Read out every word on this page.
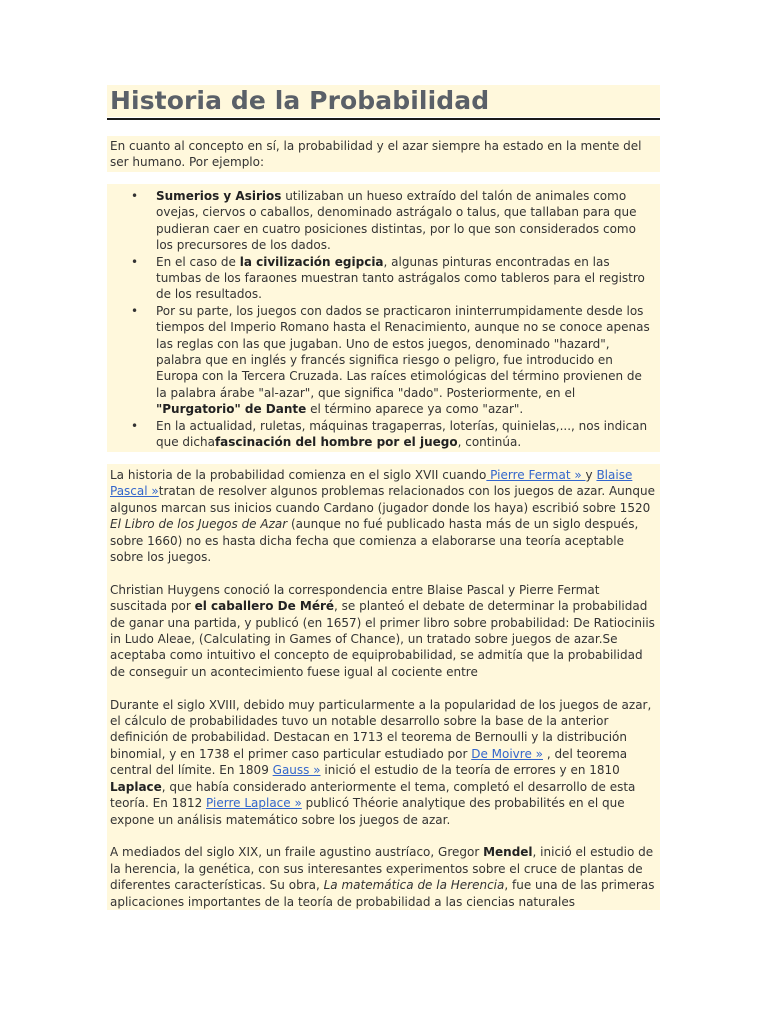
Historia de la Probabilidad
En cuanto al concepto en sí, la probabilidad y el azar siempre ha estado en la mente del ser humano. Por ejemplo:
• Sumerios y Asirios utilizaban un hueso extraído del talón de animales como ovejas, ciervos o caballos, denominado astrágalo o talus, que tallaban para que pudieran caer en cuatro posiciones distintas, por lo que son considerados como los precursores de los dados.
• En el caso de la civilización egipcia, algunas pinturas encontradas en las tumbas de los faraones muestran tanto astrágalos como tableros para el registro de los resultados.
• Por su parte, los juegos con dados se practicaron ininterrumpidamente desde los tiempos del Imperio Romano hasta el Renacimiento, aunque no se conoce apenas las reglas con las que jugaban. Uno de estos juegos, denominado "hazard", palabra que en inglés y francés significa riesgo o peligro, fue introducido en Europa con la Tercera Cruzada. Las raíces etimológicas del término provienen de la palabra árabe "al-azar", que significa "dado". Posteriormente, en el "Purgatorio" de Dante el término aparece ya como "azar".
• En la actualidad, ruletas, máquinas tragaperras, loterías, quinielas,..., nos indican que dichafascinación del hombre por el juego, continúa.

La historia de la probabilidad comienza en el siglo XVII cuando Pierre Fermat » y Blaise Pascal »tratan de resolver algunos problemas relacionados con los juegos de azar. Aunque algunos marcan sus inicios cuando Cardano (jugador donde los haya) escribió sobre 1520 El Libro de los Juegos de Azar (aunque no fué publicado hasta más de un siglo después, sobre 1660) no es hasta dicha fecha que comienza a elaborarse una teoría aceptable sobre los juegos.

Christian Huygens conoció la correspondencia entre Blaise Pascal y Pierre Fermat suscitada por el caballero De Méré, se planteó el debate de determinar la probabilidad de ganar una partida, y publicó (en 1657) el primer libro sobre probabilidad: De Ratiociniis in Ludo Aleae, (Calculating in Games of Chance), un tratado sobre juegos de azar.Se aceptaba como intuitivo el concepto de equiprobabilidad, se admitía que la probabilidad de conseguir un acontecimiento fuese igual al cociente entre

Durante el siglo XVIII, debido muy particularmente a la popularidad de los juegos de azar, el cálculo de probabilidades tuvo un notable desarrollo sobre la base de la anterior definición de probabilidad. Destacan en 1713 el teorema de Bernoulli y la distribución binomial, y en 1738 el primer caso particular estudiado por De Moivre » , del teorema central del límite. En 1809 Gauss » inició el estudio de la teoría de errores y en 1810 Laplace, que había considerado anteriormente el tema, completó el desarrollo de esta teoría. En 1812 Pierre Laplace » publicó Théorie analytique des probabilités en el que expone un análisis matemático sobre los juegos de azar.

A mediados del siglo XIX, un fraile agustino austríaco, Gregor Mendel, inició el estudio de la herencia, la genética, con sus interesantes experimentos sobre el cruce de plantas de diferentes características. Su obra, La matemática de la Herencia, fue una de las primeras aplicaciones importantes de la teoría de probabilidad a las ciencias naturales
